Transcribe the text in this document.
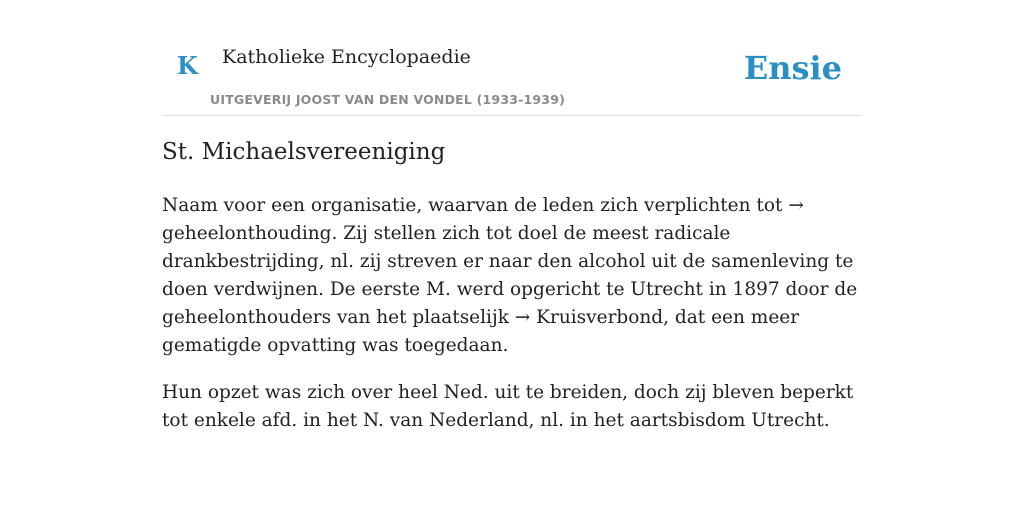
K Katholieke Encyclopaedie
UITGEVERIJ JOOST VAN DEN VONDEL (1933-1939)
Ensie
St. Michaelsvereeniging

Naam voor een organisatie, waarvan de leden zich verplichten tot → geheelonthouding. Zij stellen zich tot doel de meest radicale drankbestrijding, nl. zij streven er naar den alcohol uit de samenleving te doen verdwijnen. De eerste M. werd opgericht te Utrecht in 1897 door de geheelonthouders van het plaatselijk → Kruisverbond, dat een meer gematigde opvatting was toegedaan.

Hun opzet was zich over heel Ned. uit te breiden, doch zij bleven beperkt tot enkele afd. in het N. van Nederland, nl. in het aartsbisdom Utrecht.
